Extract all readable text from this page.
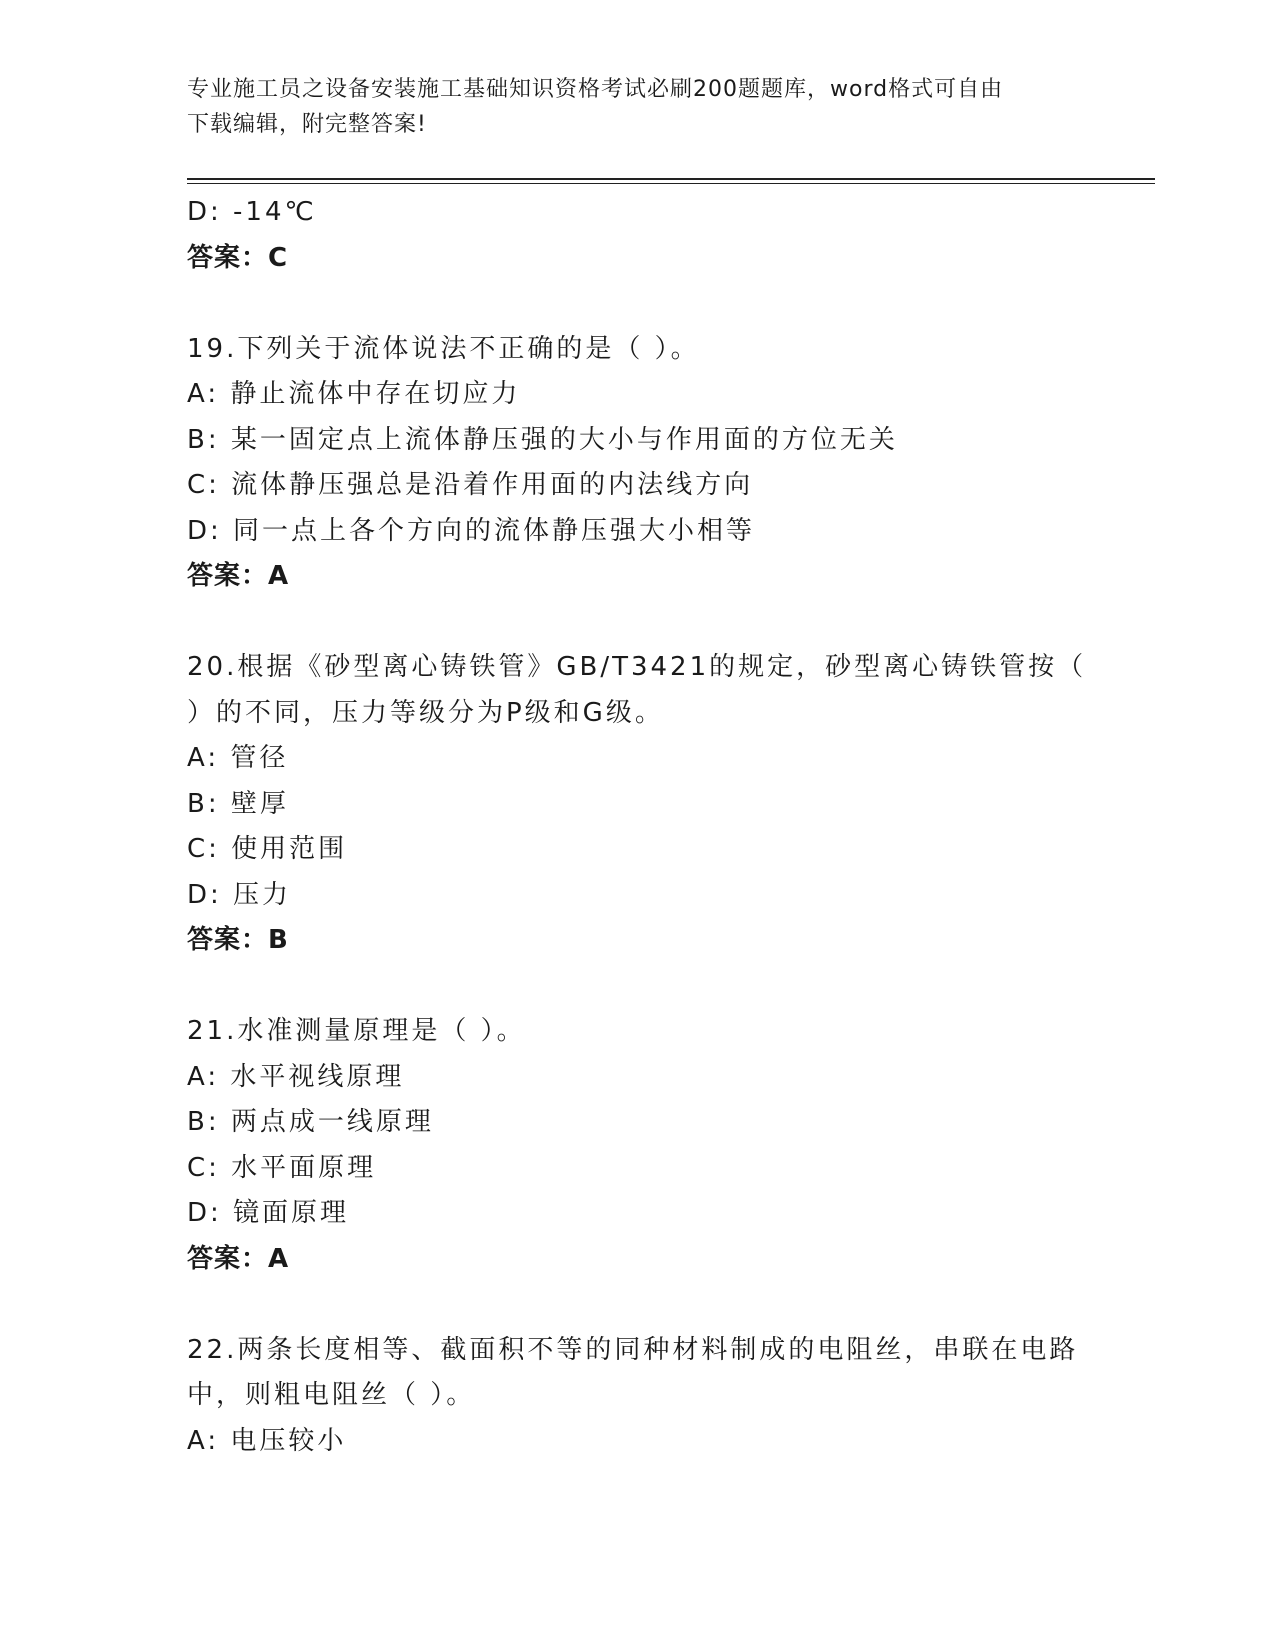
专业施工员之设备安装施工基础知识资格考试必刷200题题库，word格式可自由
下载编辑，附完整答案!
D: -14℃
答案：C
19.下列关于流体说法不正确的是（ ）。
A: 静止流体中存在切应力
B: 某一固定点上流体静压强的大小与作用面的方位无关
C: 流体静压强总是沿着作用面的内法线方向
D: 同一点上各个方向的流体静压强大小相等
答案：A
20.根据《砂型离心铸铁管》GB/T3421的规定，砂型离心铸铁管按（
）的不同，压力等级分为P级和G级。
A: 管径
B: 壁厚
C: 使用范围
D: 压力
答案：B
21.水准测量原理是（ ）。
A: 水平视线原理
B: 两点成一线原理
C: 水平面原理
D: 镜面原理
答案：A
22.两条长度相等、截面积不等的同种材料制成的电阻丝，串联在电路
中，则粗电阻丝（ ）。
A: 电压较小
